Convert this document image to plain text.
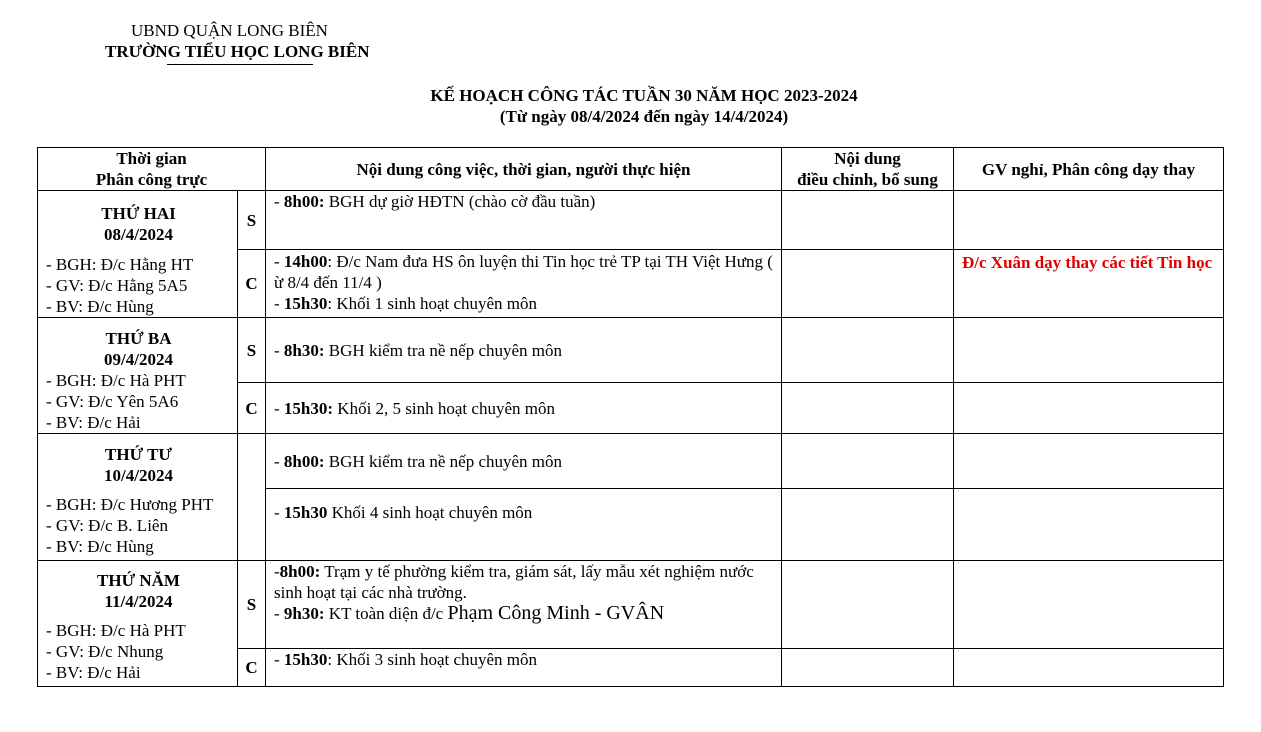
UBND QUẬN LONG BIÊN
TRƯỜNG TIỂU HỌC LONG BIÊN
KẾ HOẠCH CÔNG TÁC TUẦN 30 NĂM HỌC 2023-2024
(Từ ngày 08/4/2024 đến ngày 14/4/2024)
Thời gian
Phân công trực		Nội dung công việc, thời gian, người thực hiện	Nội dung
điều chỉnh, bổ sung	GV nghỉ, Phân công dạy thay

THỨ HAI
08/4/2024
- BGH: Đ/c Hằng HT
- GV: Đ/c Hằng 5A5
- BV: Đ/c Hùng	S	- 8h00: BGH dự giờ HĐTN (chào cờ đầu tuần)		

	C	- 14h00: Đ/c Nam đưa HS ôn luyện thi Tin học trẻ TP tại TH Việt Hưng ( ừ 8/4 đến 11/4 )
- 15h30: Khối 1 sinh hoạt chuyên môn		Đ/c Xuân dạy thay các tiết Tin học

THỨ BA
09/4/2024
- BGH: Đ/c Hà PHT
- GV: Đ/c Yên 5A6
- BV: Đ/c Hải	S	- 8h30: BGH kiểm tra nề nếp chuyên môn		

	C	- 15h30: Khối 2, 5 sinh hoạt chuyên môn		

THỨ TƯ
10/4/2024
- BGH: Đ/c Hương PHT
- GV: Đ/c B. Liên
- BV: Đ/c Hùng		- 8h00: BGH kiểm tra nề nếp chuyên môn		

		- 15h30 Khối 4 sinh hoạt chuyên môn		

THỨ NĂM
11/4/2024
- BGH: Đ/c Hà PHT
- GV: Đ/c Nhung
- BV: Đ/c Hải	S	-8h00: Trạm y tế phường kiểm tra, giám sát, lấy mẫu xét nghiệm nước sinh hoạt tại các nhà trường.
- 9h30: KT toàn diện đ/c Phạm Công Minh - GVÂN		

	C	- 15h30: Khối 3 sinh hoạt chuyên môn		
